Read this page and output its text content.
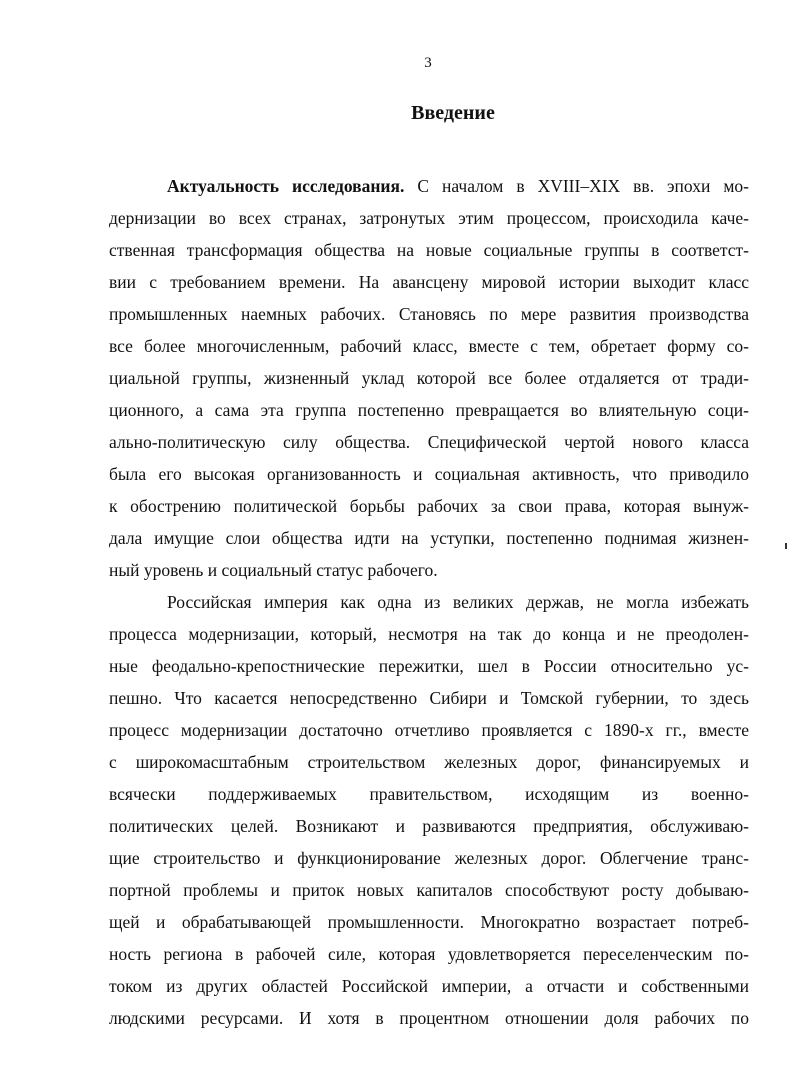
3
Введение
Актуальность исследования. С началом в XVIII–XIX вв. эпохи мо-
дернизации во всех странах, затронутых этим процессом, происходила каче-
ственная трансформация общества на новые социальные группы в соответст-
вии с требованием времени. На авансцену мировой истории выходит класс
промышленных наемных рабочих. Становясь по мере развития производства
все более многочисленным, рабочий класс, вместе с тем, обретает форму со-
циальной группы, жизненный уклад которой все более отдаляется от тради-
ционного, а сама эта группа постепенно превращается во влиятельную соци-
ально-политическую силу общества. Специфической чертой нового класса
была его высокая организованность и социальная активность, что приводило
к обострению политической борьбы рабочих за свои права, которая вынуж-
дала имущие слои общества идти на уступки, постепенно поднимая жизнен-
ный уровень и социальный статус рабочего.
Российская империя как одна из великих держав, не могла избежать
процесса модернизации, который, несмотря на так до конца и не преодолен-
ные феодально-крепостнические пережитки, шел в России относительно ус-
пешно. Что касается непосредственно Сибири и Томской губернии, то здесь
процесс модернизации достаточно отчетливо проявляется с 1890-х гг., вместе
с широкомасштабным строительством железных дорог, финансируемых и
всячески поддерживаемых правительством, исходящим из военно-
политических целей. Возникают и развиваются предприятия, обслуживаю-
щие строительство и функционирование железных дорог. Облегчение транс-
портной проблемы и приток новых капиталов способствуют росту добываю-
щей и обрабатывающей промышленности. Многократно возрастает потреб-
ность региона в рабочей силе, которая удовлетворяется переселенческим по-
током из других областей Российской империи, а отчасти и собственными
людскими ресурсами. И хотя в процентном отношении доля рабочих по
